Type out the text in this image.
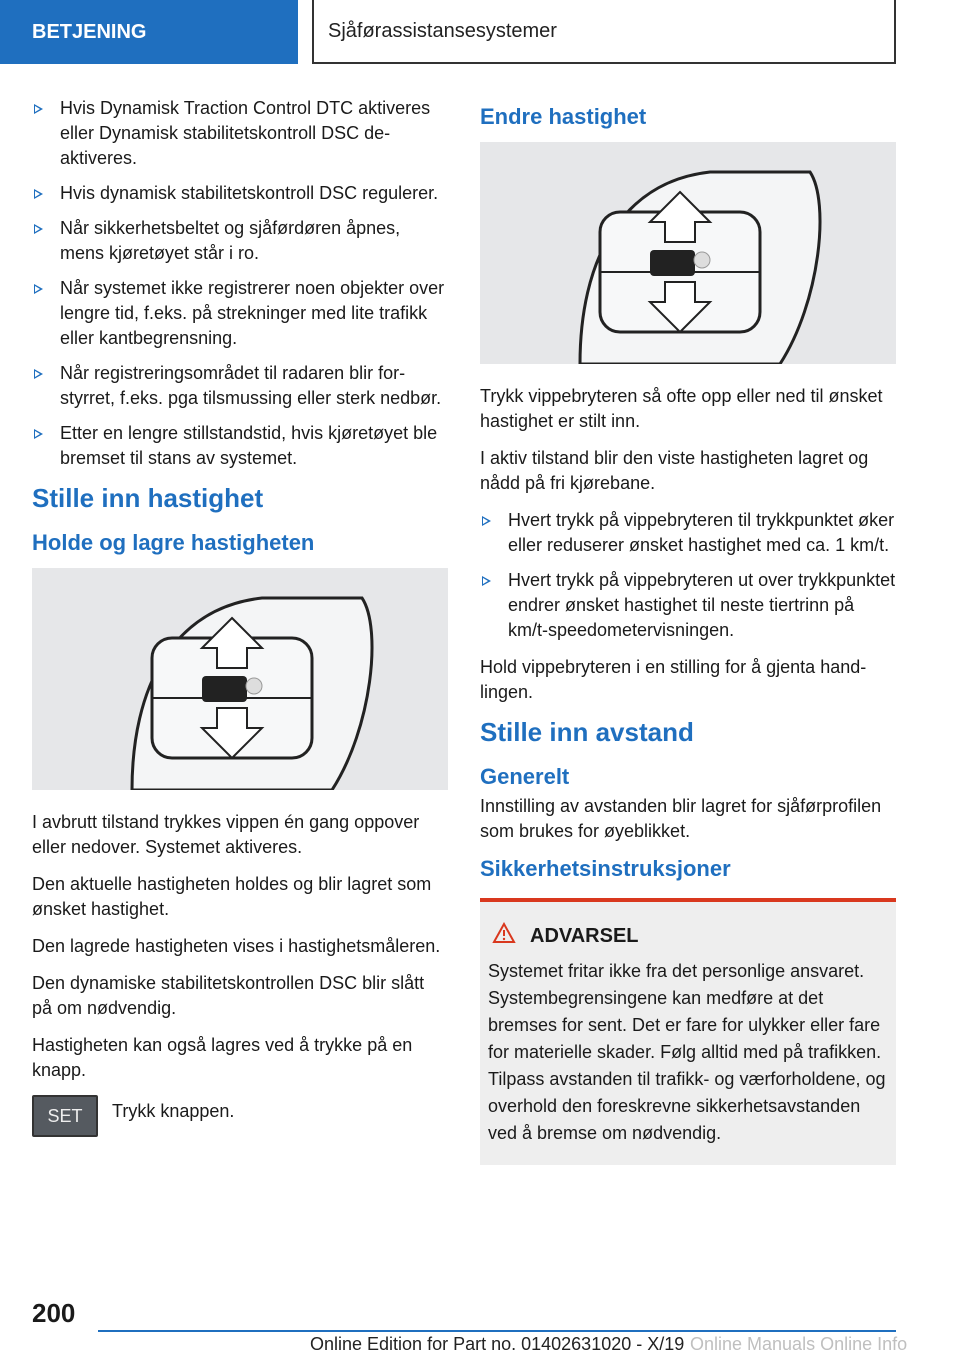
BETJENING	Sjåførassistansesystemer
Hvis Dynamisk Traction Control DTC aktiveres eller Dynamisk stabilitetskontroll DSC deaktiveres.
Hvis dynamisk stabilitetskontroll DSC regulerer.
Når sikkerhetsbeltet og sjåførdøren åpnes, mens kjøretøyet står i ro.
Når systemet ikke registrerer noen objekter over lengre tid, f.eks. på strekninger med lite trafikk eller kantbegrensning.
Når registreringsområdet til radaren blir forstyrret, f.eks. pga tilsmussing eller sterk nedbør.
Etter en lengre stillstandstid, hvis kjøretøyet ble bremset til stans av systemet.
Stille inn hastighet
Holde og lagre hastigheten

I avbrutt tilstand trykkes vippen én gang oppover eller nedover. Systemet aktiveres.

Den aktuelle hastigheten holdes og blir lagret som ønsket hastighet.

Den lagrede hastigheten vises i hastighetsmåleren.

Den dynamiske stabilitetskontrollen DSC blir slått på om nødvendig.

Hastigheten kan også lagres ved å trykke på en knapp.

SET	Trykk knappen.

Endre hastighet

Trykk vippebryteren så ofte opp eller ned til ønsket hastighet er stilt inn.

I aktiv tilstand blir den viste hastigheten lagret og nådd på fri kjørebane.

Hvert trykk på vippebryteren til trykkpunktet øker eller reduserer ønsket hastighet med ca. 1 km/t.
Hvert trykk på vippebryteren ut over trykkpunktet endrer ønsket hastighet til neste tiertrinn på km/t-speedometervisningen.

Hold vippebryteren i en stilling for å gjenta handlingen.

Stille inn avstand
Generelt

Innstilling av avstanden blir lagret for sjåførprofilen som brukes for øyeblikket.

Sikkerhetsinstruksjoner
ADVARSEL

Systemet fritar ikke fra det personlige ansvaret. Systembegrensingene kan medføre at det bremses for sent. Det er fare for ulykker eller fare for materielle skader. Følg alltid med på trafikken. Tilpass avstanden til trafikk- og værforholdene, og overhold den foreskrevne sikkerhetsavstanden ved å bremse om nødvendig.

200
Online Edition for Part no. 01402631020 - X/19 Online Manuals Online Info
